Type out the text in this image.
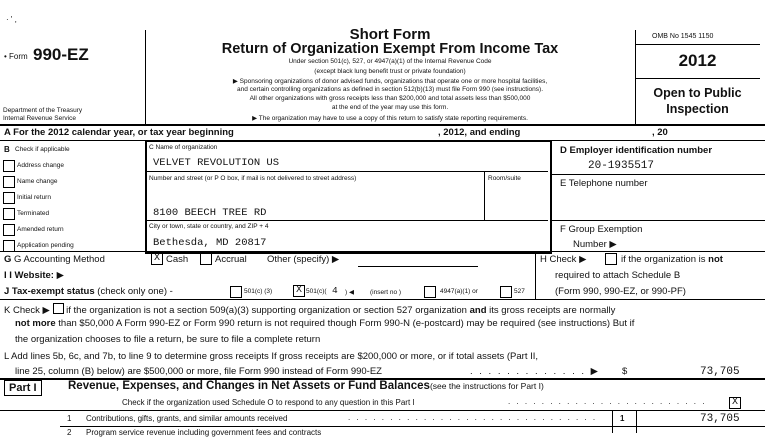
· ' ,
• Form 990-EZ
Department of the Treasury
Internal Revenue Service
Short Form
Return of Organization Exempt From Income Tax
Under section 501(c), 527, or 4947(a)(1) of the Internal Revenue Code
(except black lung benefit trust or private foundation)
▶ Sponsoring organizations of donor advised funds, organizations that operate one or more hospital facilities,
and certain controlling organizations as defined in section 512(b)(13) must file Form 990 (see instructions).
All other organizations with gross receipts less than $200,000 and total assets less than $500,000
at the end of the year may use this form.
▶ The organization may have to use a copy of this return to satisfy state reporting requirements.
OMB No 1545 1150
2012
Open to Public
Inspection
A For the 2012 calendar year, or tax year beginning	, 2012, and ending	, 20
B Check if applicable
Address change
Name change
Initial return
Terminated
Amended return
Application pending
C Name of organization
VELVET REVOLUTION US
Number and street (or P O box, if mail is not delivered to street address)	Room/suite
8100 BEECH TREE RD
City or town, state or country, and ZIP + 4
Bethesda, MD 20817
D Employer identification number
20-1935517
E Telephone number
F Group Exemption
Number ▶
G G Accounting Method	X Cash	Accrual Other (specify) ▶	H Check ▶	if the organization is not
required to attach Schedule B
(Form 990, 990-EZ, or 990-PF)
I I Website: ▶
J Tax-exempt status (check only one) -	501(c) (3) X 501(c)( 4 ) ◀ (insert no )	4947(a)(1) or	527
K Check ▶  if the organization is not a section 509(a)(3) supporting organization or section 527 organization and its gross receipts are normally
not more than $50,000 A Form 990-EZ or Form 990 return is not required though Form 990-N (e-postcard) may be required (see instructions) But if
the organization chooses to file a return, be sure to file a complete return
L Add lines 5b, 6c, and 7b, to line 9 to determine gross receipts If gross receipts are $200,000 or more, or if total assets (Part II,
line 25, column (B) below) are $500,000 or more, file Form 990 instead of Form 990-EZ	. . . . . . . . . . . . . ▶ $	73,705
Part I	Revenue, Expenses, and Changes in Net Assets or Fund Balances(see the instructions for Part I)
Check if the organization used Schedule O to respond to any question in this Part I	. . . . . . . . . . . . . . . . . . . . . . . .	X
1 Contributions, gifts, grants, and similar amounts received	. . . . . . . . . . . . . . . . . . . . . . . . . . . . . .	1	73,705
2 Program service revenue including government fees and contracts
